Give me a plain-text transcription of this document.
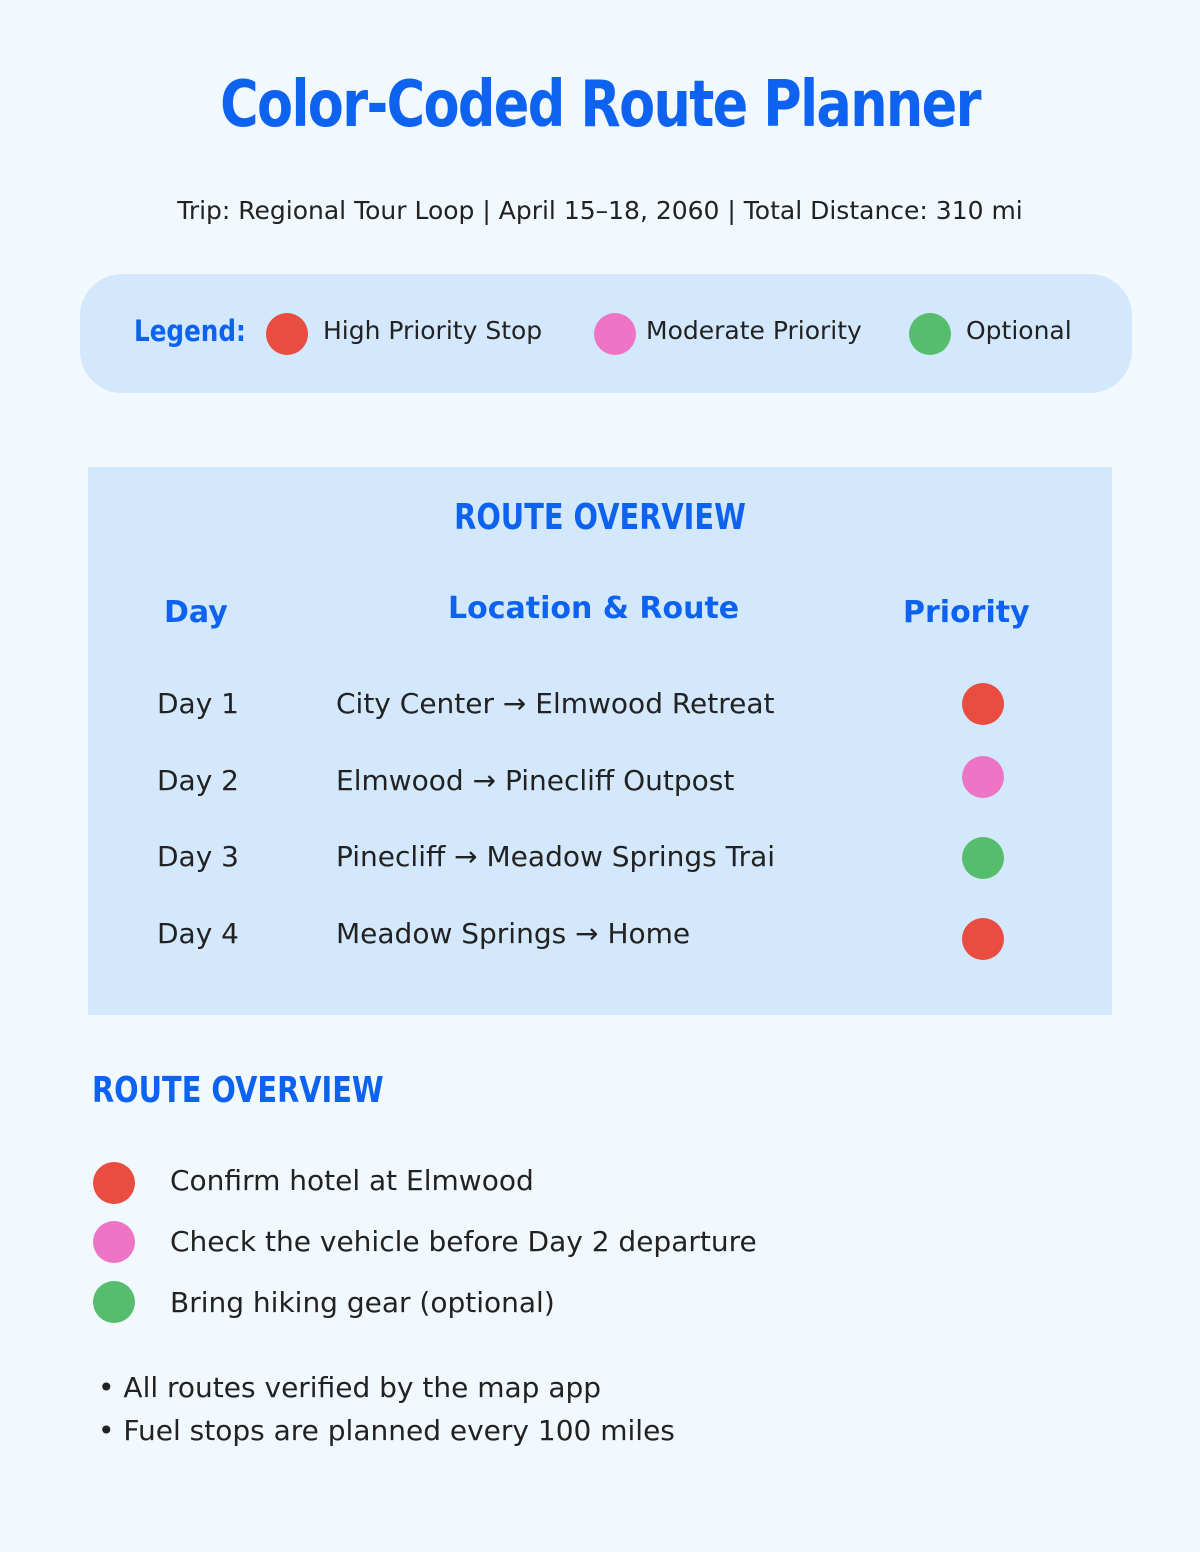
Color-Coded Route Planner
Trip: Regional Tour Loop | April 15–18, 2060 | Total Distance: 310 mi
Legend:	High Priority Stop	Moderate Priority	Optional
ROUTE OVERVIEW
Day	Location & Route	Priority
Day 1	City Center → Elmwood Retreat
Day 2	Elmwood → Pinecliff Outpost
Day 3	Pinecliff → Meadow Springs Trai
Day 4	Meadow Springs → Home
ROUTE OVERVIEW
Confirm hotel at Elmwood
Check the vehicle before Day 2 departure
Bring hiking gear (optional)
• All routes verified by the map app
• Fuel stops are planned every 100 miles
